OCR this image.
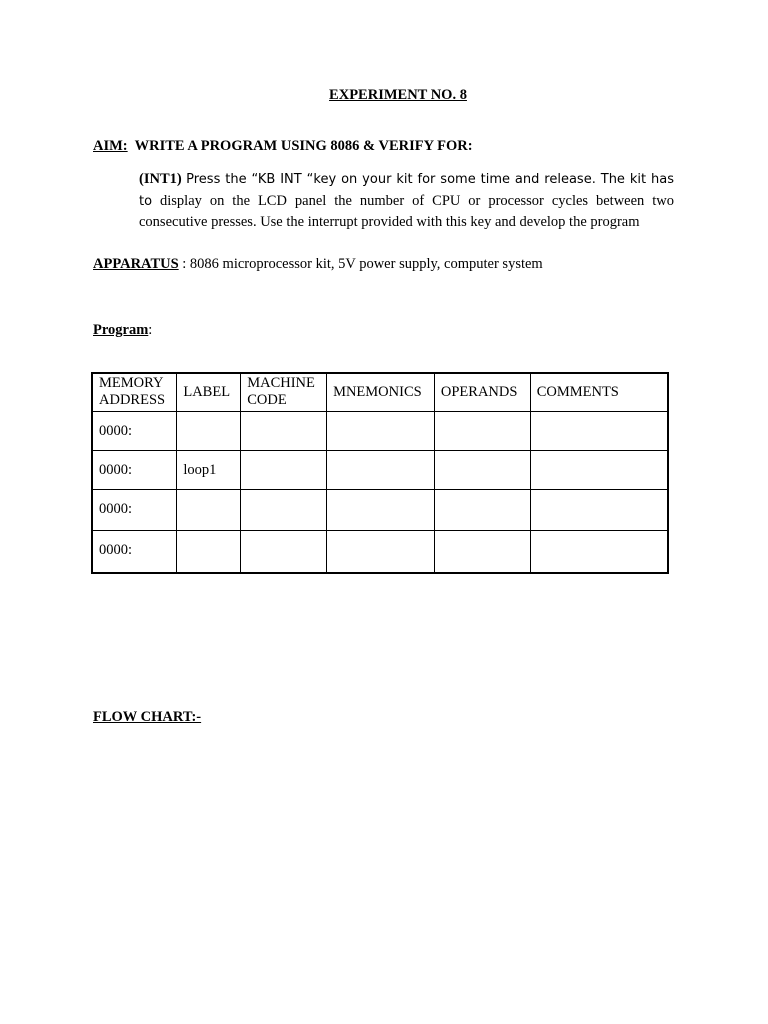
EXPERIMENT NO. 8
AIM: WRITE A PROGRAM USING 8086 & VERIFY FOR:
(INT1) Press the “KB INT “key on your kit for some time and release. The kit has to display on the LCD panel the number of CPU or processor cycles between two consecutive presses. Use the interrupt provided with this key and develop the program
APPARATUS : 8086 microprocessor kit, 5V power supply, computer system
Program:
MEMORY ADDRESS	LABEL	MACHINE CODE	MNEMONICS	OPERANDS	COMMENTS
0000:					
0000:	loop1				
0000:					
0000:					
FLOW CHART:-
